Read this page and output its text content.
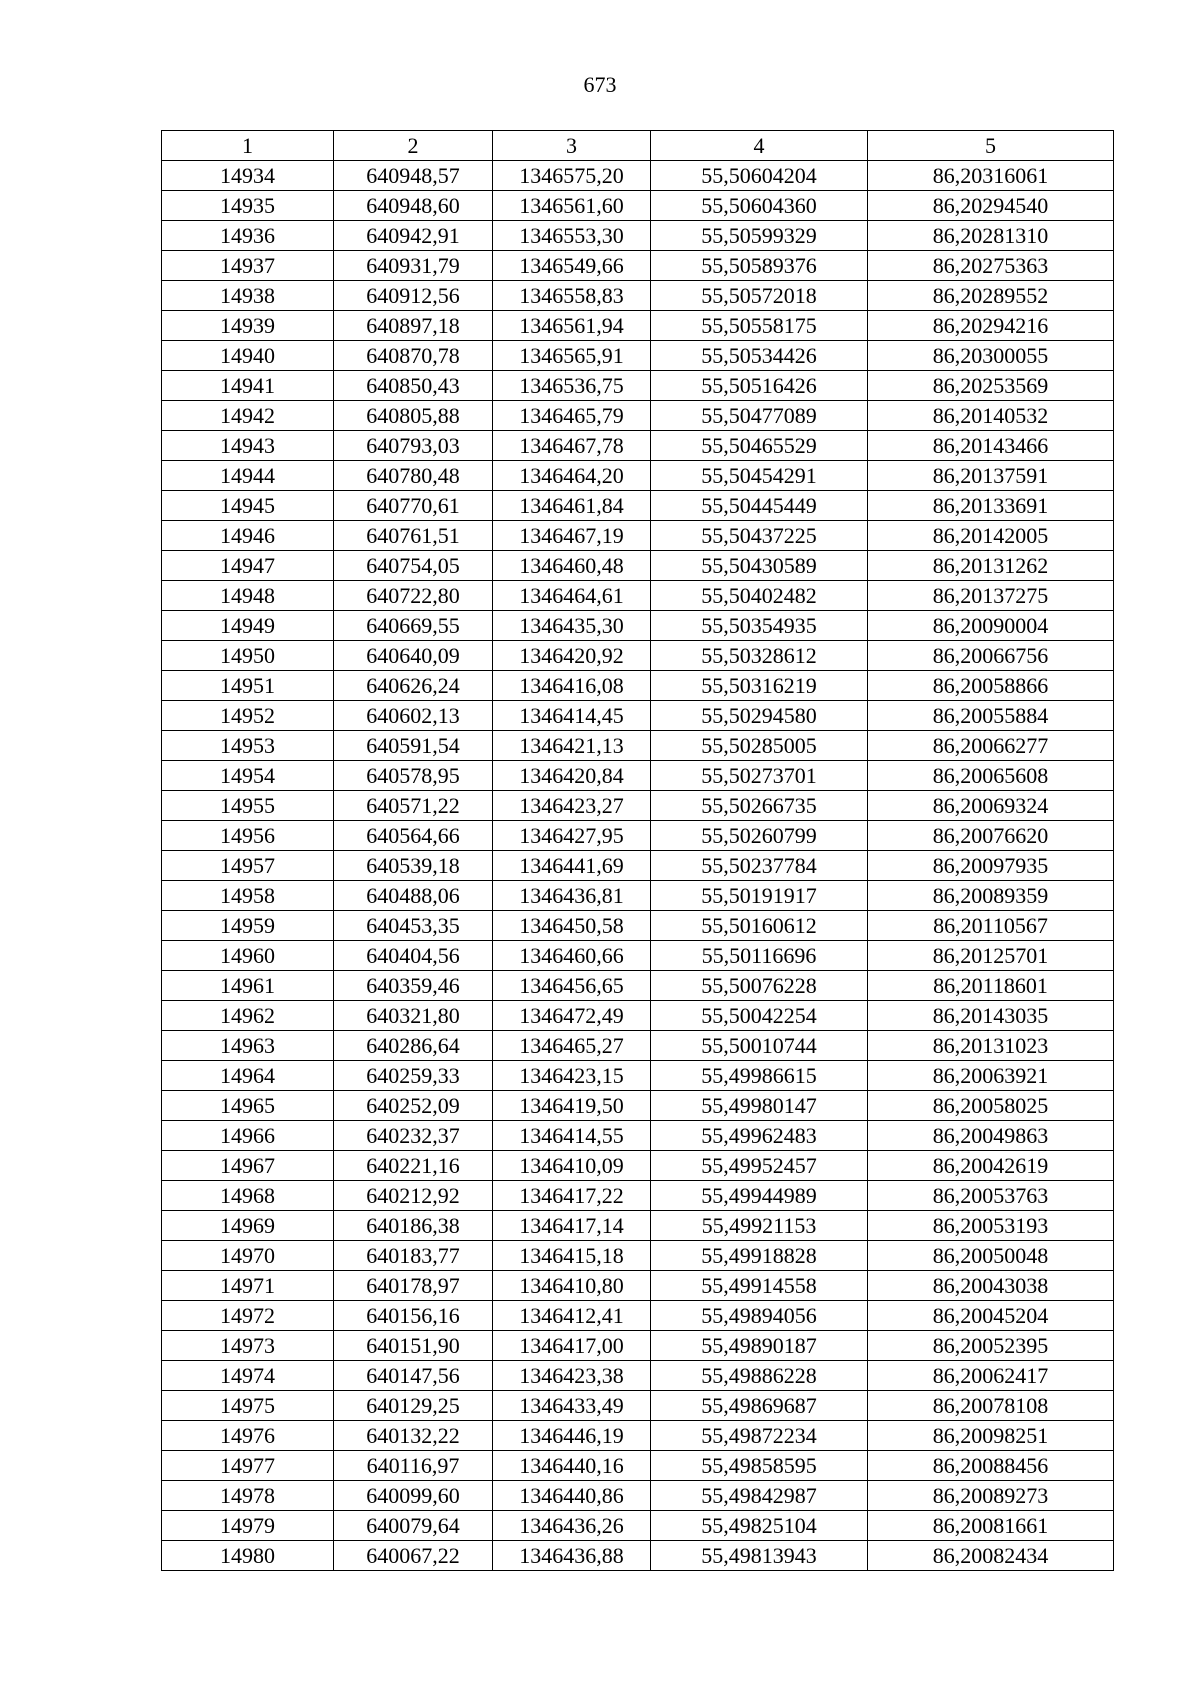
673
1	2	3	4	5
14934	640948,57	1346575,20	55,50604204	86,20316061
14935	640948,60	1346561,60	55,50604360	86,20294540
14936	640942,91	1346553,30	55,50599329	86,20281310
14937	640931,79	1346549,66	55,50589376	86,20275363
14938	640912,56	1346558,83	55,50572018	86,20289552
14939	640897,18	1346561,94	55,50558175	86,20294216
14940	640870,78	1346565,91	55,50534426	86,20300055
14941	640850,43	1346536,75	55,50516426	86,20253569
14942	640805,88	1346465,79	55,50477089	86,20140532
14943	640793,03	1346467,78	55,50465529	86,20143466
14944	640780,48	1346464,20	55,50454291	86,20137591
14945	640770,61	1346461,84	55,50445449	86,20133691
14946	640761,51	1346467,19	55,50437225	86,20142005
14947	640754,05	1346460,48	55,50430589	86,20131262
14948	640722,80	1346464,61	55,50402482	86,20137275
14949	640669,55	1346435,30	55,50354935	86,20090004
14950	640640,09	1346420,92	55,50328612	86,20066756
14951	640626,24	1346416,08	55,50316219	86,20058866
14952	640602,13	1346414,45	55,50294580	86,20055884
14953	640591,54	1346421,13	55,50285005	86,20066277
14954	640578,95	1346420,84	55,50273701	86,20065608
14955	640571,22	1346423,27	55,50266735	86,20069324
14956	640564,66	1346427,95	55,50260799	86,20076620
14957	640539,18	1346441,69	55,50237784	86,20097935
14958	640488,06	1346436,81	55,50191917	86,20089359
14959	640453,35	1346450,58	55,50160612	86,20110567
14960	640404,56	1346460,66	55,50116696	86,20125701
14961	640359,46	1346456,65	55,50076228	86,20118601
14962	640321,80	1346472,49	55,50042254	86,20143035
14963	640286,64	1346465,27	55,50010744	86,20131023
14964	640259,33	1346423,15	55,49986615	86,20063921
14965	640252,09	1346419,50	55,49980147	86,20058025
14966	640232,37	1346414,55	55,49962483	86,20049863
14967	640221,16	1346410,09	55,49952457	86,20042619
14968	640212,92	1346417,22	55,49944989	86,20053763
14969	640186,38	1346417,14	55,49921153	86,20053193
14970	640183,77	1346415,18	55,49918828	86,20050048
14971	640178,97	1346410,80	55,49914558	86,20043038
14972	640156,16	1346412,41	55,49894056	86,20045204
14973	640151,90	1346417,00	55,49890187	86,20052395
14974	640147,56	1346423,38	55,49886228	86,20062417
14975	640129,25	1346433,49	55,49869687	86,20078108
14976	640132,22	1346446,19	55,49872234	86,20098251
14977	640116,97	1346440,16	55,49858595	86,20088456
14978	640099,60	1346440,86	55,49842987	86,20089273
14979	640079,64	1346436,26	55,49825104	86,20081661
14980	640067,22	1346436,88	55,49813943	86,20082434
